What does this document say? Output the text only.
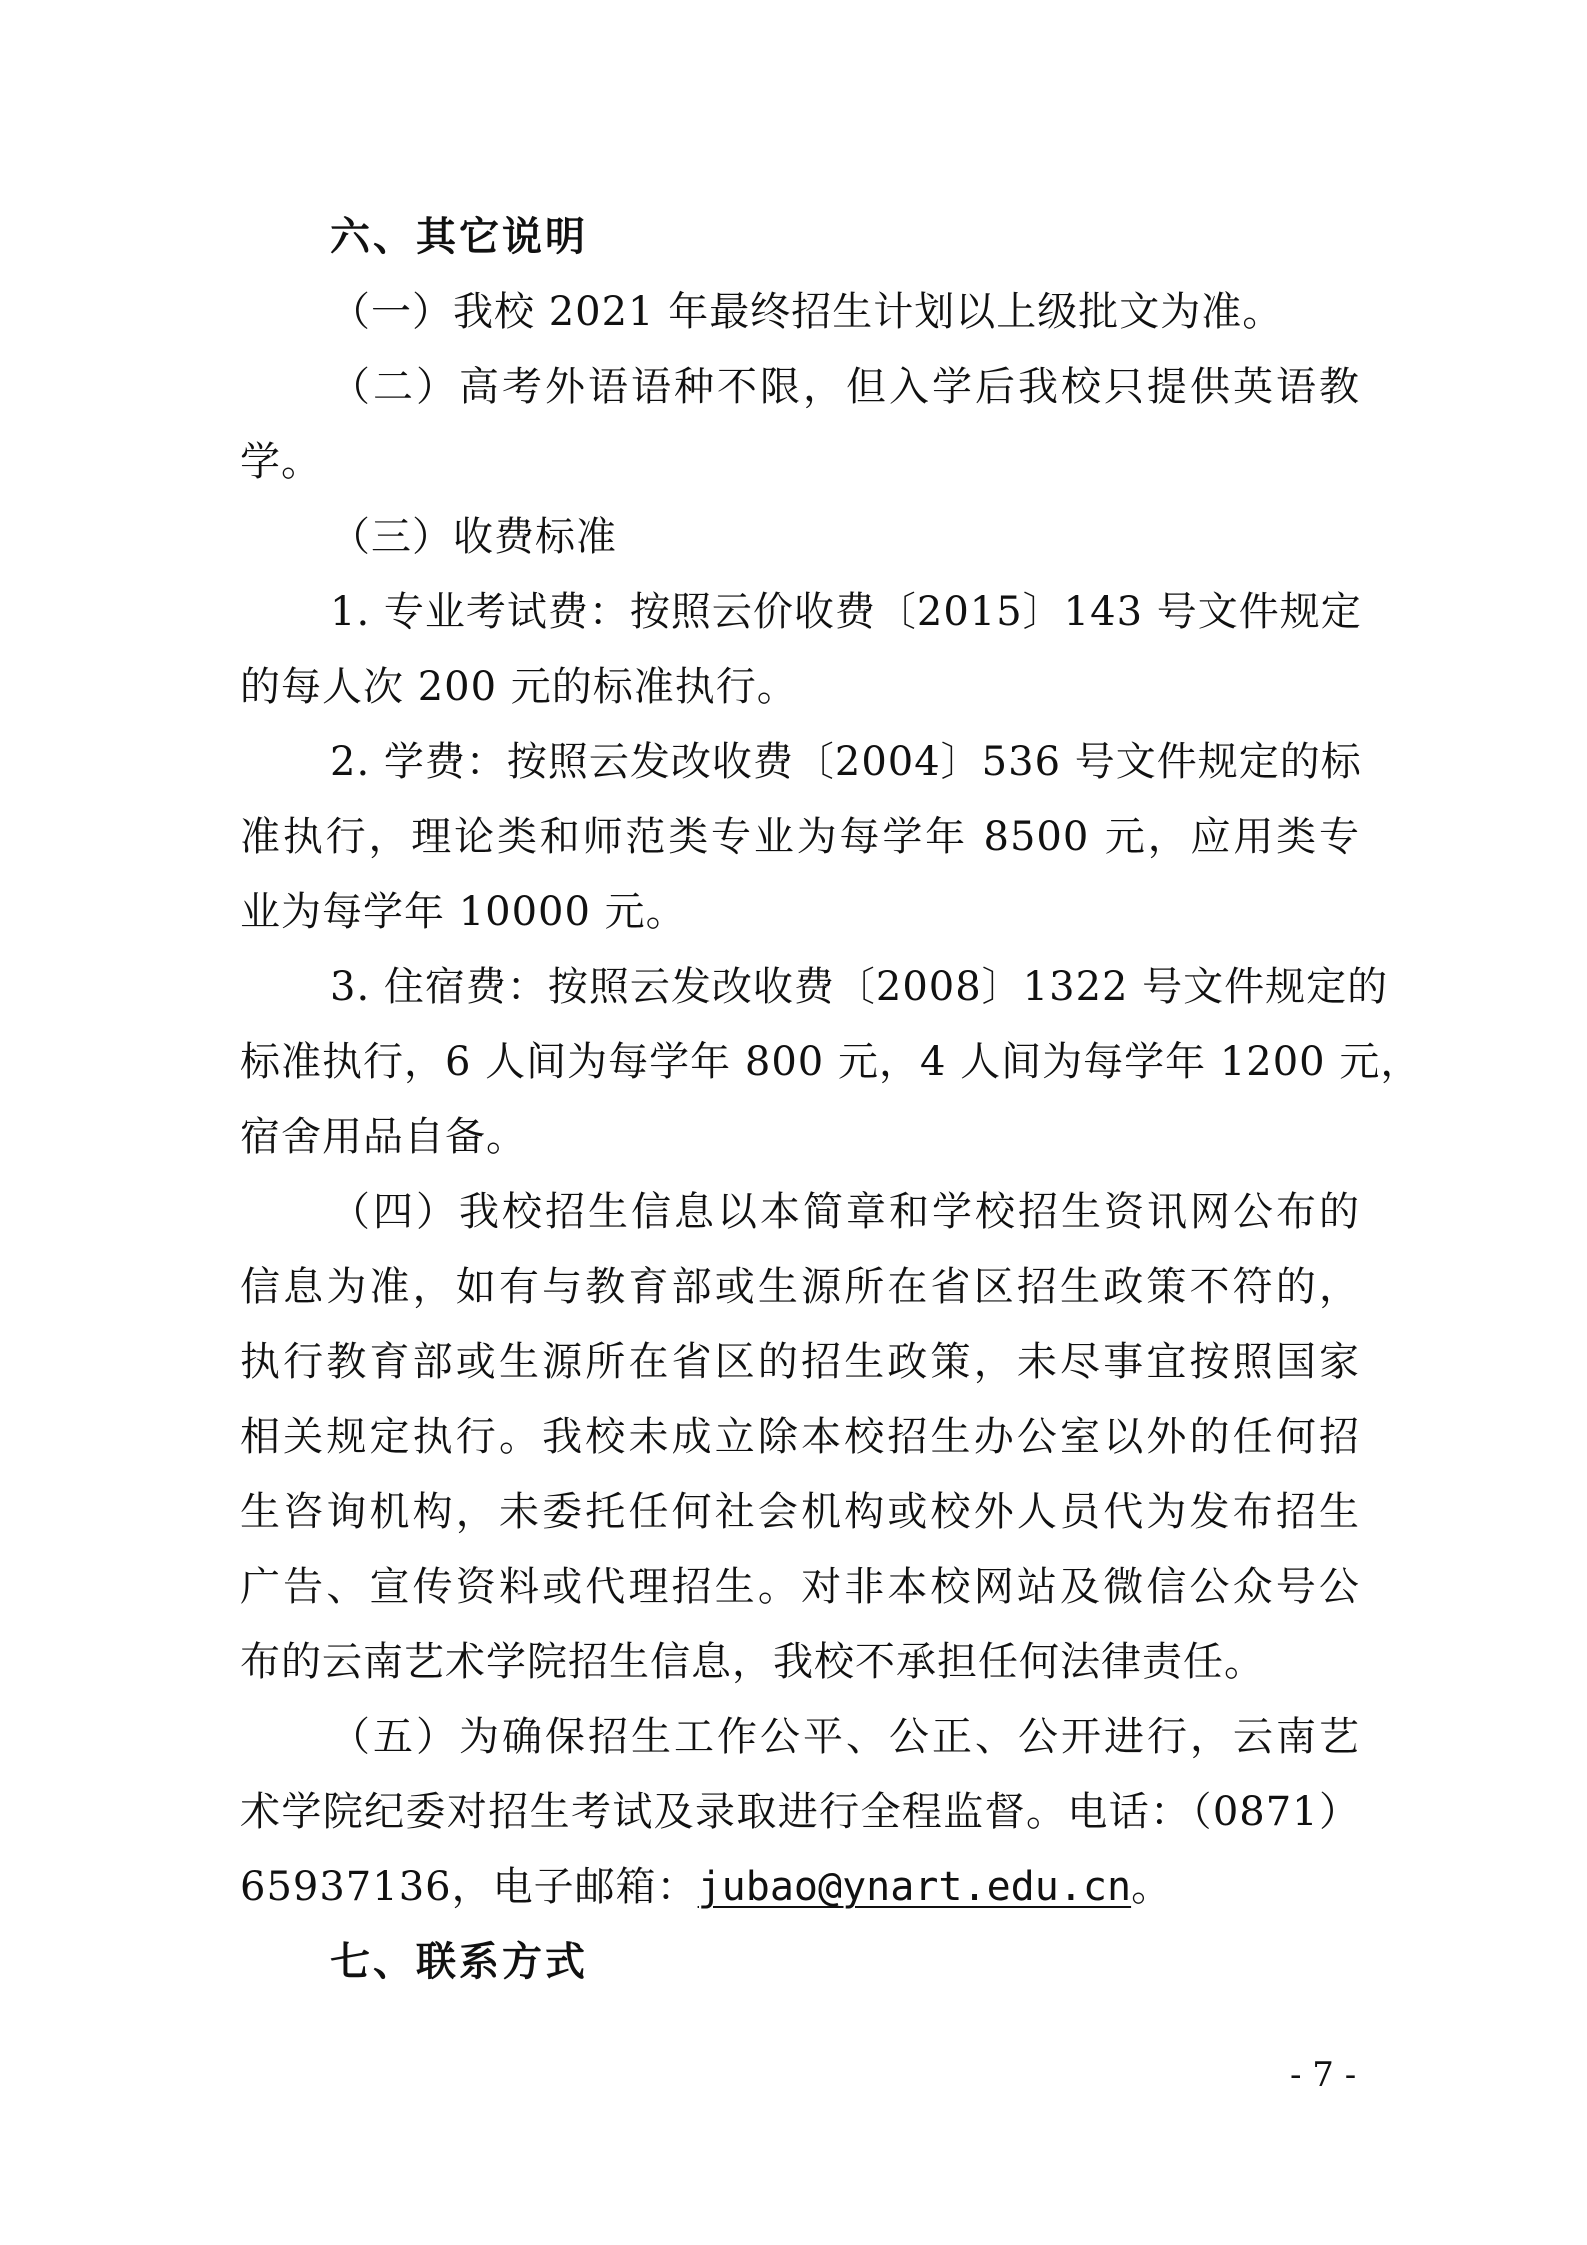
六、其它说明
（一）我校 2021 年最终招生计划以上级批文为准。
（二）高考外语语种不限，但入学后我校只提供英语教
学。
（三）收费标准
1. 专业考试费：按照云价收费〔2015〕143 号文件规定
的每人次 200 元的标准执行。
2. 学费：按照云发改收费〔2004〕536 号文件规定的标
准执行，理论类和师范类专业为每学年 8500 元，应用类专
业为每学年 10000 元。
3. 住宿费：按照云发改收费〔2008〕1322 号文件规定的
标准执行，6 人间为每学年 800 元，4 人间为每学年 1200 元，
宿舍用品自备。
（四）我校招生信息以本简章和学校招生资讯网公布的
信息为准，如有与教育部或生源所在省区招生政策不符的，
执行教育部或生源所在省区的招生政策，未尽事宜按照国家
相关规定执行。我校未成立除本校招生办公室以外的任何招
生咨询机构，未委托任何社会机构或校外人员代为发布招生
广告、宣传资料或代理招生。对非本校网站及微信公众号公
布的云南艺术学院招生信息，我校不承担任何法律责任。
（五）为确保招生工作公平、公正、公开进行，云南艺
术学院纪委对招生考试及录取进行全程监督。电话：（0871）
65937136，电子邮箱：jubao@ynart.edu.cn。
七、联系方式
- 7 -
